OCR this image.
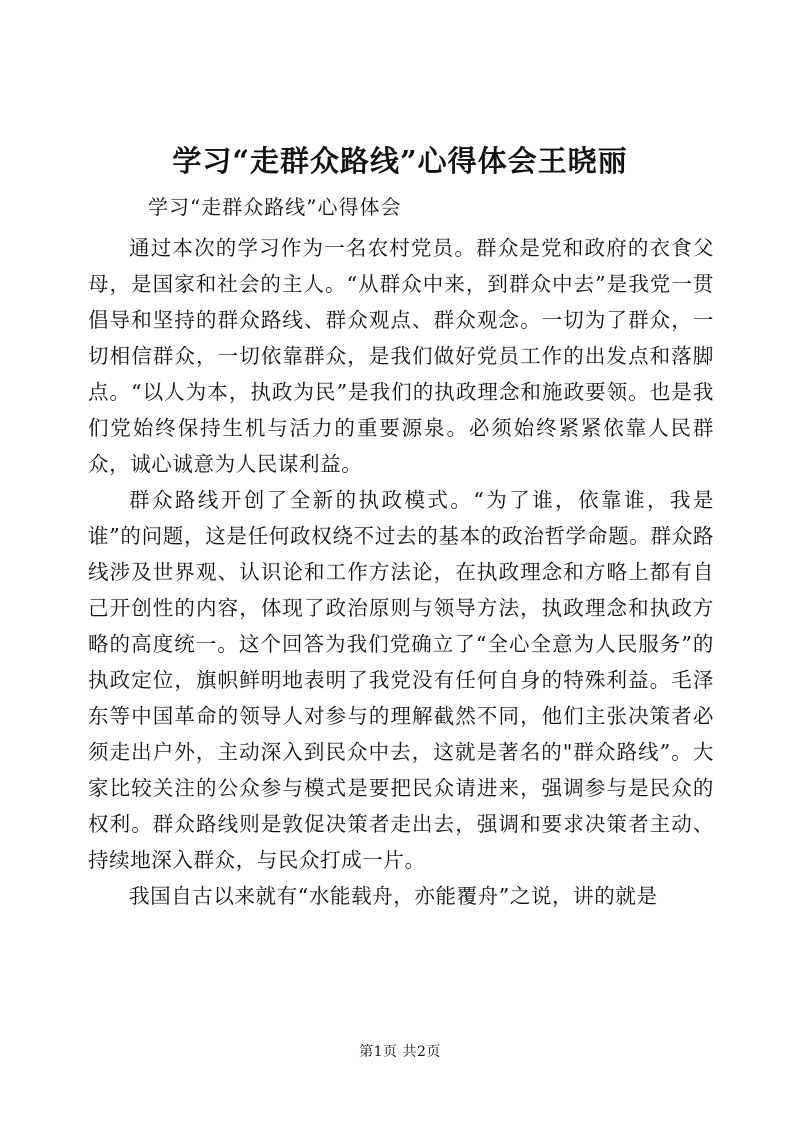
学习“走群众路线”心得体会王晓丽

学习“走群众路线”心得体会

通过本次的学习作为一名农村党员。群众是党和政府的衣食父母，是国家和社会的主人。“从群众中来，到群众中去”是我党一贯倡导和坚持的群众路线、群众观点、群众观念。一切为了群众，一切相信群众，一切依靠群众，是我们做好党员工作的出发点和落脚点。“以人为本，执政为民”是我们的执政理念和施政要领。也是我们党始终保持生机与活力的重要源泉。必须始终紧紧依靠人民群众，诚心诚意为人民谋利益。

群众路线开创了全新的执政模式。“为了谁，依靠谁，我是谁”的问题，这是任何政权绕不过去的基本的政治哲学命题。群众路线涉及世界观、认识论和工作方法论，在执政理念和方略上都有自己开创性的内容，体现了政治原则与领导方法，执政理念和执政方略的高度统一。这个回答为我们党确立了“全心全意为人民服务”的执政定位，旗帜鲜明地表明了我党没有任何自身的特殊利益。毛泽东等中国革命的领导人对参与的理解截然不同，他们主张决策者必须走出户外，主动深入到民众中去，这就是著名的"群众路线”。大家比较关注的公众参与模式是要把民众请进来，强调参与是民众的权利。群众路线则是敦促决策者走出去，强调和要求决策者主动、持续地深入群众，与民众打成一片。

我国自古以来就有“水能载舟，亦能覆舟”之说，讲的就是

第1页 共2页
